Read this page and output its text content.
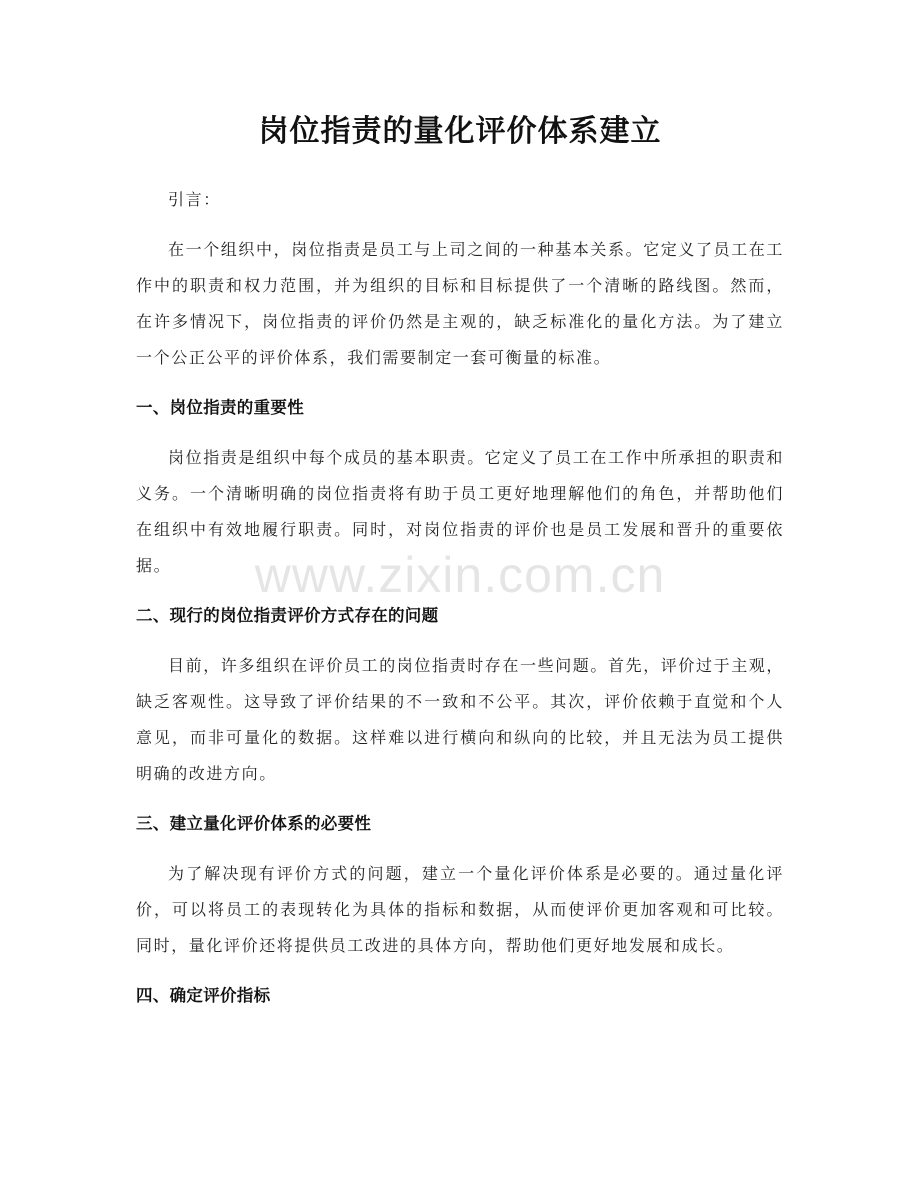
岗位指责的量化评价体系建立

引言：

在一个组织中，岗位指责是员工与上司之间的一种基本关系。它定义了员工在工作中的职责和权力范围，并为组织的目标和目标提供了一个清晰的路线图。然而，在许多情况下，岗位指责的评价仍然是主观的，缺乏标准化的量化方法。为了建立一个公正公平的评价体系，我们需要制定一套可衡量的标准。

一、岗位指责的重要性

岗位指责是组织中每个成员的基本职责。它定义了员工在工作中所承担的职责和义务。一个清晰明确的岗位指责将有助于员工更好地理解他们的角色，并帮助他们在组织中有效地履行职责。同时，对岗位指责的评价也是员工发展和晋升的重要依据。

二、现行的岗位指责评价方式存在的问题

目前，许多组织在评价员工的岗位指责时存在一些问题。首先，评价过于主观，缺乏客观性。这导致了评价结果的不一致和不公平。其次，评价依赖于直觉和个人意见，而非可量化的数据。这样难以进行横向和纵向的比较，并且无法为员工提供明确的改进方向。

三、建立量化评价体系的必要性

为了解决现有评价方式的问题，建立一个量化评价体系是必要的。通过量化评价，可以将员工的表现转化为具体的指标和数据，从而使评价更加客观和可比较。同时，量化评价还将提供员工改进的具体方向，帮助他们更好地发展和成长。

四、确定评价指标
www.zixin.com.cn
